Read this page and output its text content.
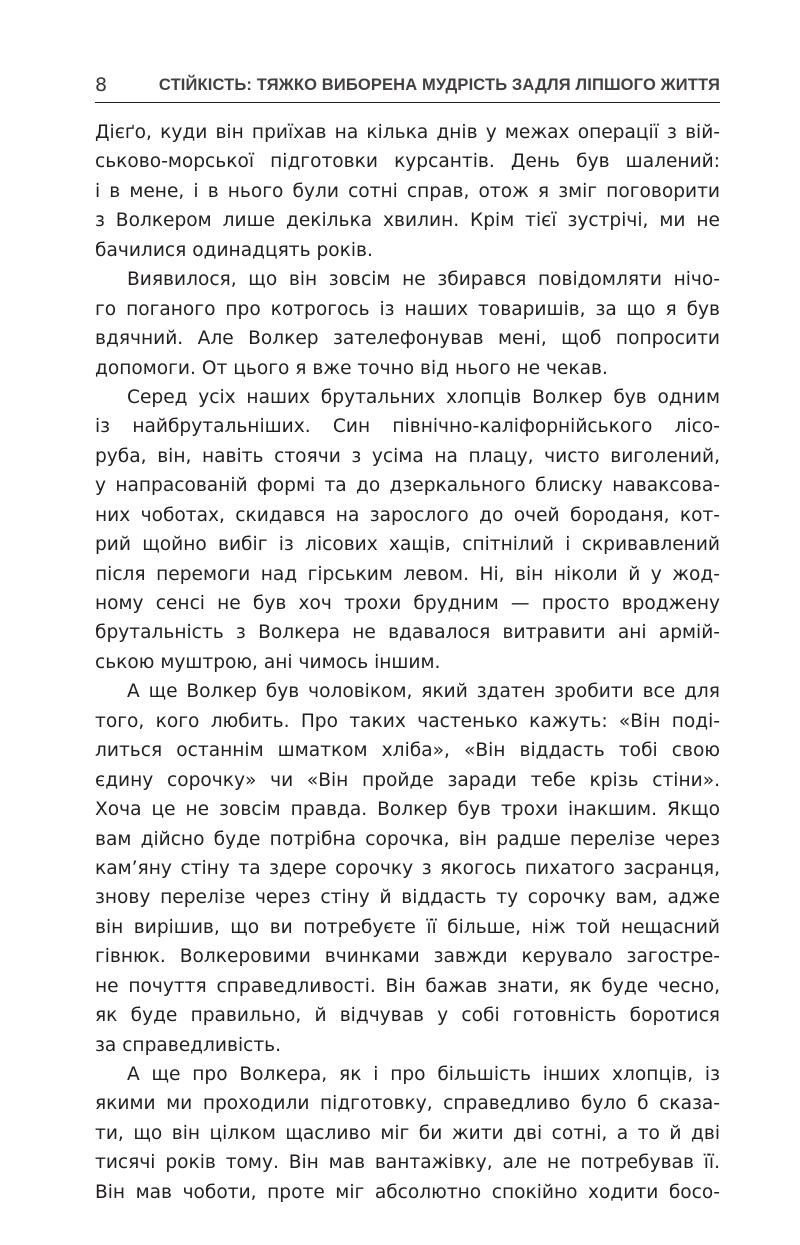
8	СТІЙКІСТЬ: ТЯЖКО ВИБОРЕНА МУДРІСТЬ ЗАДЛЯ ЛІПШОГО ЖИТТЯ
Дієґо, куди він приїхав на кілька днів у межах операції з вій-
ськово-морської підготовки курсантів. День був шалений:
і в мене, і в нього були сотні справ, отож я зміг поговорити
з Волкером лише декілька хвилин. Крім тієї зустрічі, ми не
бачилися одинадцять років.
Виявилося, що він зовсім не збирався повідомляти нічо-
го поганого про котрогось із наших товаришів, за що я був
вдячний. Але Волкер зателефонував мені, щоб попросити
допомоги. От цього я вже точно від нього не чекав.
Серед усіх наших брутальних хлопців Волкер був одним
із найбрутальніших. Син північно-каліфорнійського лісо-
руба, він, навіть стоячи з усіма на плацу, чисто виголений,
у напрасованій формі та до дзеркального блиску наваксова-
них чоботах, скидався на зарослого до очей бороданя, кот-
рий щойно вибіг із лісових хащів, спітнілий і скривавлений
після перемоги над гірським левом. Ні, він ніколи й у жод-
ному сенсі не був хоч трохи брудним — просто вроджену
брутальність з Волкера не вдавалося витравити ані армій-
ською муштрою, ані чимось іншим.
А ще Волкер був чоловіком, який здатен зробити все для
того, кого любить. Про таких частенько кажуть: «Він поді-
литься останнім шматком хліба», «Він віддасть тобі свою
єдину сорочку» чи «Він пройде заради тебе крізь стіни».
Хоча це не зовсім правда. Волкер був трохи інакшим. Якщо
вам дійсно буде потрібна сорочка, він радше перелізе через
кам’яну стіну та здере сорочку з якогось пихатого засранця,
знову перелізе через стіну й віддасть ту сорочку вам, адже
він вирішив, що ви потребуєте її більше, ніж той нещасний
гівнюк. Волкеровими вчинками завжди керувало загостре-
не почуття справедливості. Він бажав знати, як буде чесно,
як буде правильно, й відчував у собі готовність боротися
за справедливість.
А ще про Волкера, як і про більшість інших хлопців, із
якими ми проходили підготовку, справедливо було б сказа-
ти, що він цілком щасливо міг би жити дві сотні, а то й дві
тисячі років тому. Він мав вантажівку, але не потребував її.
Він мав чоботи, проте міг абсолютно спокійно ходити босо-
